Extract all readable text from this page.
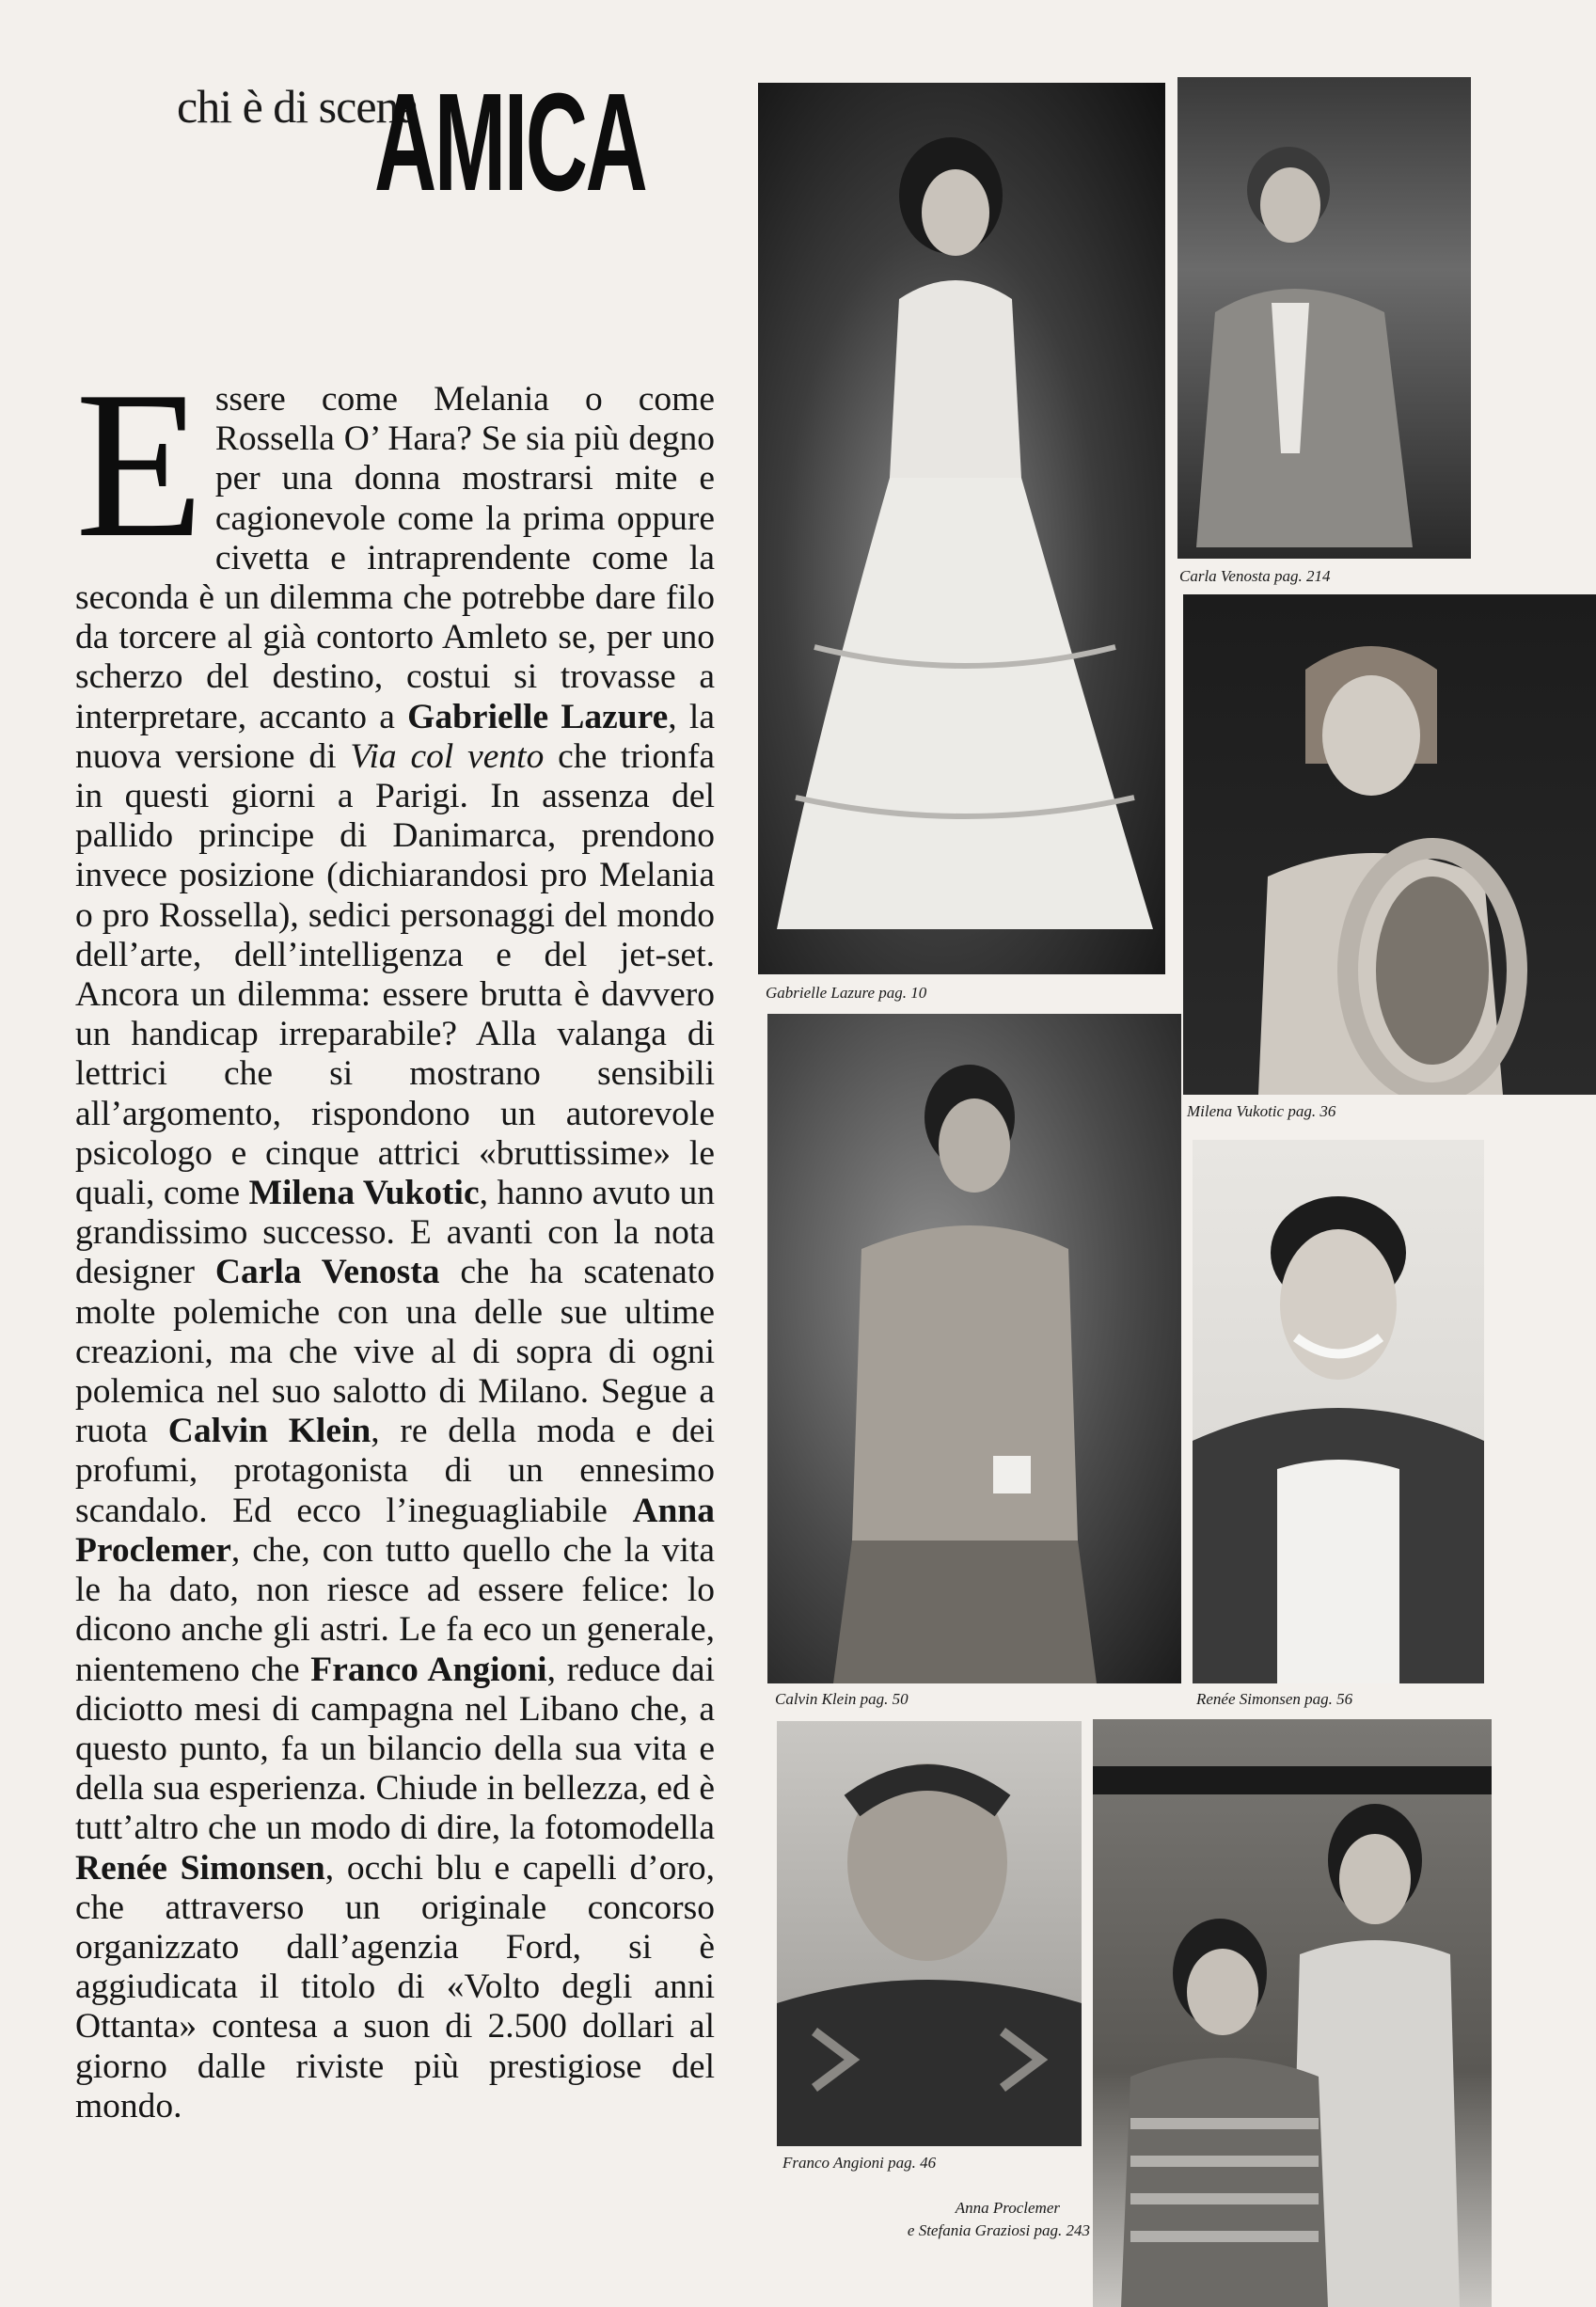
chi è di scena
AMICA
Essere come Melania o come Rossella O’ Hara? Se sia più degno per una donna mostrarsi mite e cagionevole come la prima oppure civetta e intraprendente come la seconda è un dilemma che potrebbe dare filo da torcere al già contorto Amleto se, per uno scherzo del destino, costui si trovasse a interpretare, accanto a Gabrielle Lazure, la nuova versione di Via col vento che trionfa in questi giorni a Parigi. In assenza del pallido principe di Danimarca, prendono invece posizione (dichiarandosi pro Melania o pro Rossella), sedici personaggi del mondo dell’arte, dell’intelligenza e del jet-set. Ancora un dilemma: essere brutta è davvero un handicap irreparabile? Alla valanga di lettrici che si mostrano sensibili all’argomento, rispondono un autorevole psicologo e cinque attrici «bruttissime» le quali, come Milena Vukotic, hanno avuto un grandissimo successo. E avanti con la nota designer Carla Venosta che ha scatenato molte polemiche con una delle sue ultime creazioni, ma che vive al di sopra di ogni polemica nel suo salotto di Milano. Segue a ruota Calvin Klein, re della moda e dei profumi, protagonista di un ennesimo scandalo. Ed ecco l’ineguagliabile Anna Proclemer, che, con tutto quello che la vita le ha dato, non riesce ad essere felice: lo dicono anche gli astri. Le fa eco un generale, nientemeno che Franco Angioni, reduce dai diciotto mesi di campagna nel Libano che, a questo punto, fa un bilancio della sua vita e della sua esperienza. Chiude in bellezza, ed è tutt’altro che un modo di dire, la fotomodella Renée Simonsen, occhi blu e capelli d’oro, che attraverso un originale concorso organizzato dall’agenzia Ford, si è aggiudicata il titolo di «Volto degli anni Ottanta» contesa a suon di 2.500 dollari al giorno dalle riviste più prestigiose del mondo.
Gabrielle Lazure pag. 10
Carla Venosta pag. 214
Milena Vukotic pag. 36
Calvin Klein pag. 50	Renée Simonsen pag. 56
Franco Angioni pag. 46
Anna Proclemer
e Stefania Graziosi pag. 243
